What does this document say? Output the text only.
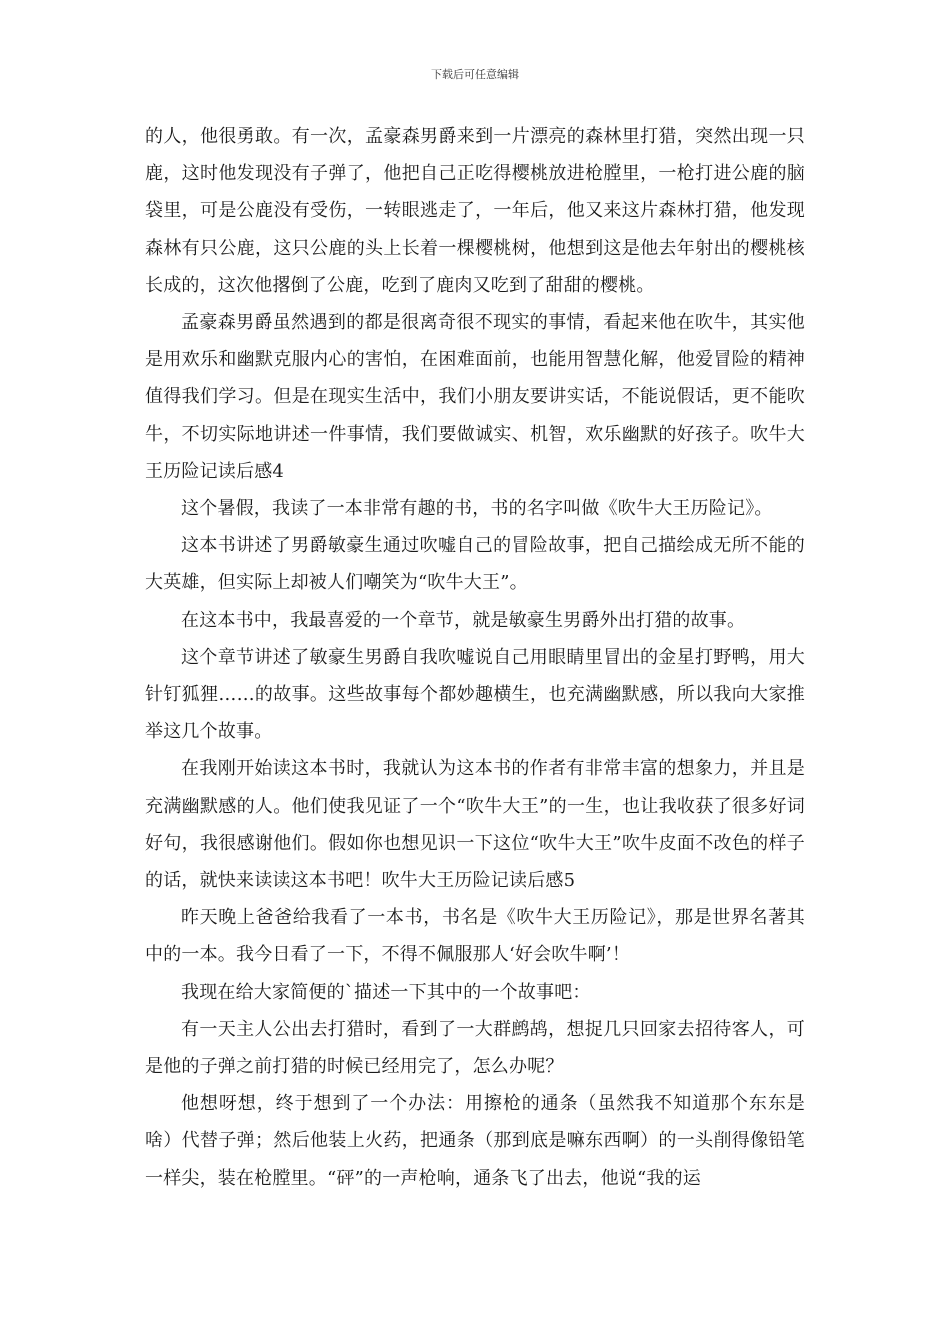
下载后可任意编辑

的人，他很勇敢。有一次，孟豪森男爵来到一片漂亮的森林里打猎，突然出现一只鹿，这时他发现没有子弹了，他把自己正吃得樱桃放进枪膛里，一枪打进公鹿的脑袋里，可是公鹿没有受伤，一转眼逃走了，一年后，他又来这片森林打猎，他发现森林有只公鹿，这只公鹿的头上长着一棵樱桃树，他想到这是他去年射出的樱桃核长成的，这次他撂倒了公鹿，吃到了鹿肉又吃到了甜甜的樱桃。

孟豪森男爵虽然遇到的都是很离奇很不现实的事情，看起来他在吹牛，其实他是用欢乐和幽默克服内心的害怕，在困难面前，也能用智慧化解，他爱冒险的精神值得我们学习。但是在现实生活中，我们小朋友要讲实话，不能说假话，更不能吹牛，不切实际地讲述一件事情，我们要做诚实、机智，欢乐幽默的好孩子。吹牛大王历险记读后感4

这个暑假，我读了一本非常有趣的书，书的名字叫做《吹牛大王历险记》。

这本书讲述了男爵敏豪生通过吹嘘自己的冒险故事，把自己描绘成无所不能的大英雄，但实际上却被人们嘲笑为“吹牛大王”。

在这本书中，我最喜爱的一个章节，就是敏豪生男爵外出打猎的故事。

这个章节讲述了敏豪生男爵自我吹嘘说自己用眼睛里冒出的金星打野鸭，用大针钉狐狸……的故事。这些故事每个都妙趣横生，也充满幽默感，所以我向大家推举这几个故事。

在我刚开始读这本书时，我就认为这本书的作者有非常丰富的想象力，并且是充满幽默感的人。他们使我见证了一个“吹牛大王”的一生，也让我收获了很多好词好句，我很感谢他们。假如你也想见识一下这位“吹牛大王”吹牛皮面不改色的样子的话，就快来读读这本书吧！吹牛大王历险记读后感5

昨天晚上爸爸给我看了一本书，书名是《吹牛大王历险记》，那是世界名著其中的一本。我今日看了一下，不得不佩服那人‘好会吹牛啊’！

我现在给大家简便的`描述一下其中的一个故事吧：

有一天主人公出去打猎时，看到了一大群鹧鸪，想捉几只回家去招待客人，可是他的子弹之前打猎的时候已经用完了，怎么办呢？

他想呀想，终于想到了一个办法：用擦枪的通条（虽然我不知道那个东东是啥）代替子弹；然后他装上火药，把通条（那到底是嘛东西啊）的一头削得像铅笔一样尖，装在枪膛里。“砰”的一声枪响，通条飞了出去，他说“我的运
